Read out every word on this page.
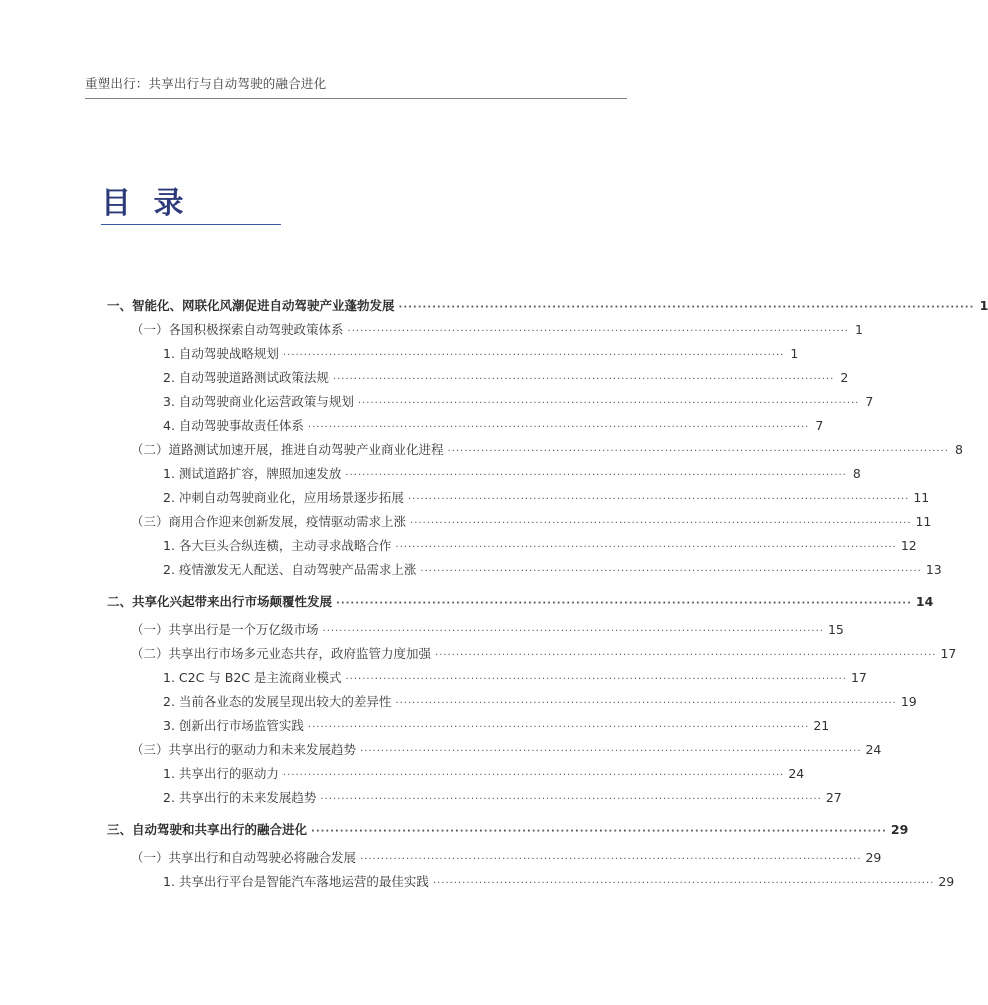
重塑出行：共享出行与自动驾驶的融合进化
目 录
一、智能化、网联化风潮促进自动驾驶产业蓬勃发展 ························································································································ 1
（一）各国积极探索自动驾驶政策体系 ························································································································ 1
1. 自动驾驶战略规划 ························································································································ 1
2. 自动驾驶道路测试政策法规 ························································································································ 2
3. 自动驾驶商业化运营政策与规划 ························································································································ 7
4. 自动驾驶事故责任体系 ························································································································ 7
（二）道路测试加速开展，推进自动驾驶产业商业化进程 ························································································································ 8
1. 测试道路扩容，牌照加速发放 ························································································································ 8
2. 冲刺自动驾驶商业化，应用场景逐步拓展 ························································································································ 11
（三）商用合作迎来创新发展，疫情驱动需求上涨 ························································································································ 11
1. 各大巨头合纵连横，主动寻求战略合作 ························································································································ 12
2. 疫情激发无人配送、自动驾驶产品需求上涨 ························································································································ 13
二、共享化兴起带来出行市场颠覆性发展 ························································································································ 14
（一）共享出行是一个万亿级市场 ························································································································ 15
（二）共享出行市场多元业态共存，政府监管力度加强 ························································································································ 17
1. C2C 与 B2C 是主流商业模式 ························································································································ 17
2. 当前各业态的发展呈现出较大的差异性 ························································································································ 19
3. 创新出行市场监管实践 ························································································································ 21
（三）共享出行的驱动力和未来发展趋势 ························································································································ 24
1. 共享出行的驱动力 ························································································································ 24
2. 共享出行的未来发展趋势 ························································································································ 27
三、自动驾驶和共享出行的融合进化 ························································································································ 29
（一）共享出行和自动驾驶必将融合发展 ························································································································ 29
1. 共享出行平台是智能汽车落地运营的最佳实践 ························································································································ 29
